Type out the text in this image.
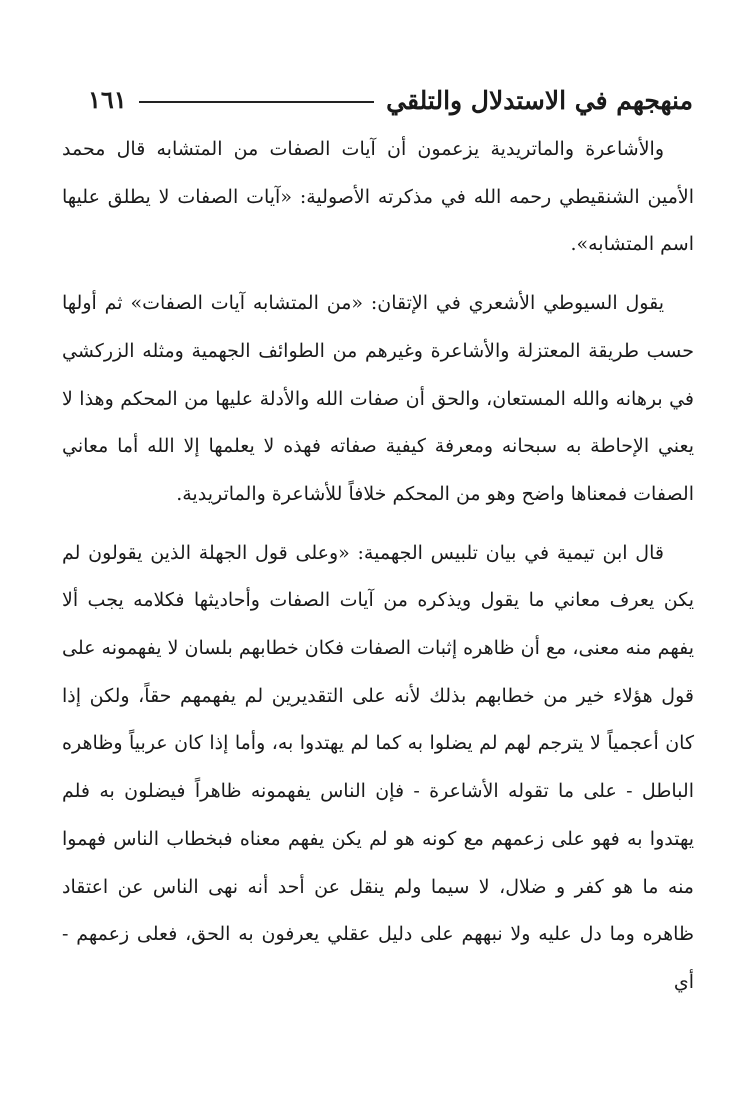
منهجهم في الاستدلال والتلقي
١٦١

والأشاعرة والماتريدية يزعمون أن آيات الصفات من المتشابه قال محمد الأمين الشنقيطي رحمه الله في مذكرته الأصولية: «آيات الصفات لا يطلق عليها اسم المتشابه».

يقول السيوطي الأشعري في الإتقان: «من المتشابه آيات الصفات» ثم أولها حسب طريقة المعتزلة والأشاعرة وغيرهم من الطوائف الجهمية ومثله الزركشي في برهانه والله المستعان، والحق أن صفات الله والأدلة عليها من المحكم وهذا لا يعني الإحاطة به سبحانه ومعرفة كيفية صفاته فهذه لا يعلمها إلا الله أما معاني الصفات فمعناها واضح وهو من المحكم خلافاً للأشاعرة والماتريدية.

قال ابن تيمية في بيان تلبيس الجهمية: «وعلى قول الجهلة الذين يقولون لم يكن يعرف معاني ما يقول ويذكره من آيات الصفات وأحاديثها فكلامه يجب ألا يفهم منه معنى، مع أن ظاهره إثبات الصفات فكان خطابهم بلسان لا يفهمونه على قول هؤلاء خير من خطابهم بذلك لأنه على التقديرين لم يفهمهم حقاً، ولكن إذا كان أعجمياً لا يترجم لهم لم يضلوا به كما لم يهتدوا به، وأما إذا كان عربياً وظاهره الباطل - على ما تقوله الأشاعرة - فإن الناس يفهمونه ظاهراً فيضلون به فلم يهتدوا به فهو على زعمهم مع كونه هو لم يكن يفهم معناه فبخطاب الناس فهموا منه ما هو كفر و ضلال، لا سيما ولم ينقل عن أحد أنه نهى الناس عن اعتقاد ظاهره وما دل عليه ولا نبههم على دليل عقلي يعرفون به الحق، فعلى زعمهم - أي
